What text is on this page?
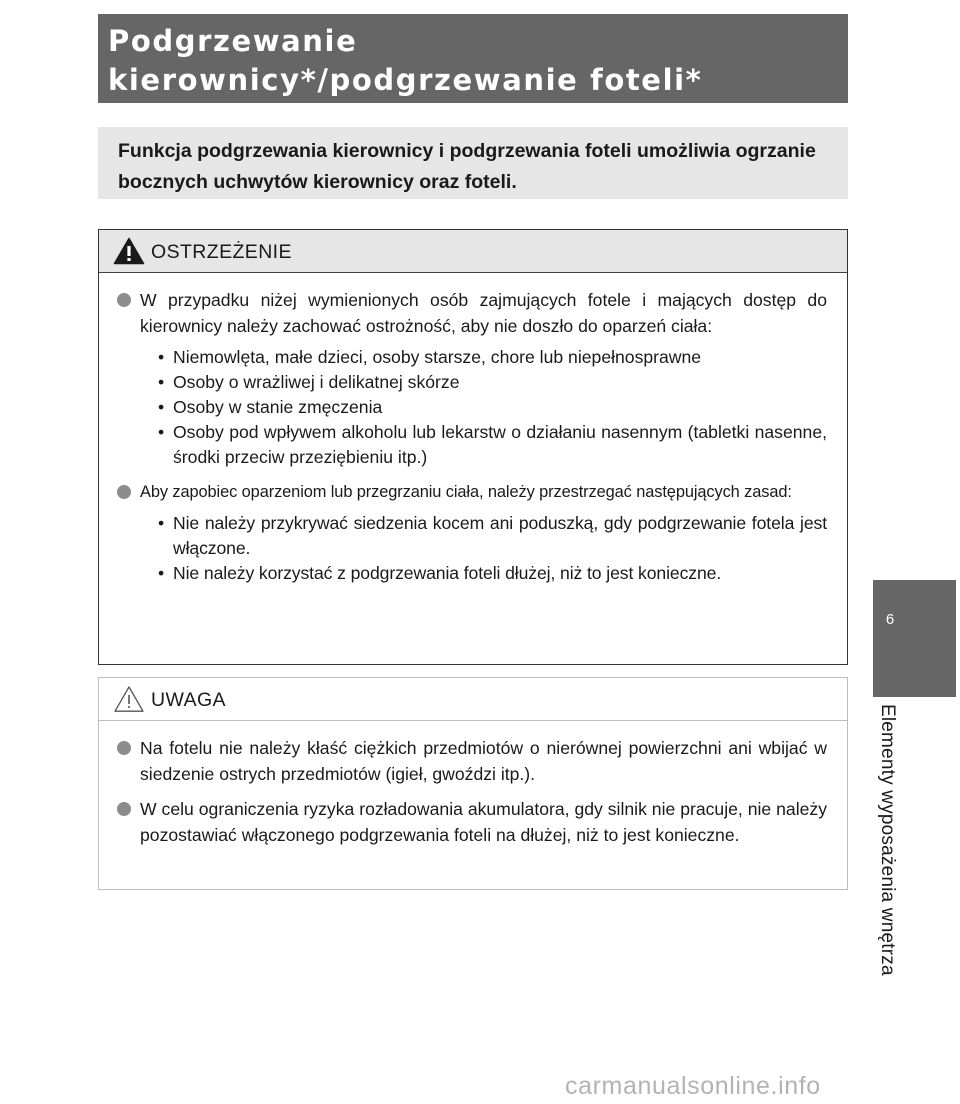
Podgrzewanie kierownicy*/podgrzewanie foteli*

Funkcja podgrzewania kierownicy i podgrzewania foteli umożliwia ogrzanie bocznych uchwytów kierownicy oraz foteli.

OSTRZEŻENIE
W przypadku niżej wymienionych osób zajmujących fotele i mających dostęp do kierownicy należy zachować ostrożność, aby nie doszło do oparzeń ciała:
• Niemowlęta, małe dzieci, osoby starsze, chore lub niepełnosprawne
• Osoby o wrażliwej i delikatnej skórze
• Osoby w stanie zmęczenia
• Osoby pod wpływem alkoholu lub lekarstw o działaniu nasennym (tabletki nasenne, środki przeciw przeziębieniu itp.)
Aby zapobiec oparzeniom lub przegrzaniu ciała, należy przestrzegać następujących zasad:
• Nie należy przykrywać siedzenia kocem ani poduszką, gdy podgrzewanie fotela jest włączone.
• Nie należy korzystać z podgrzewania foteli dłużej, niż to jest konieczne.
UWAGA
Na fotelu nie należy kłaść ciężkich przedmiotów o nierównej powierzchni ani wbijać w siedzenie ostrych przedmiotów (igieł, gwoździ itp.).
W celu ograniczenia ryzyka rozładowania akumulatora, gdy silnik nie pracuje, nie należy pozostawiać włączonego podgrzewania foteli na dłużej, niż to jest konieczne.
6
Elementy wyposażenia wnętrza
carmanualsonline.info
